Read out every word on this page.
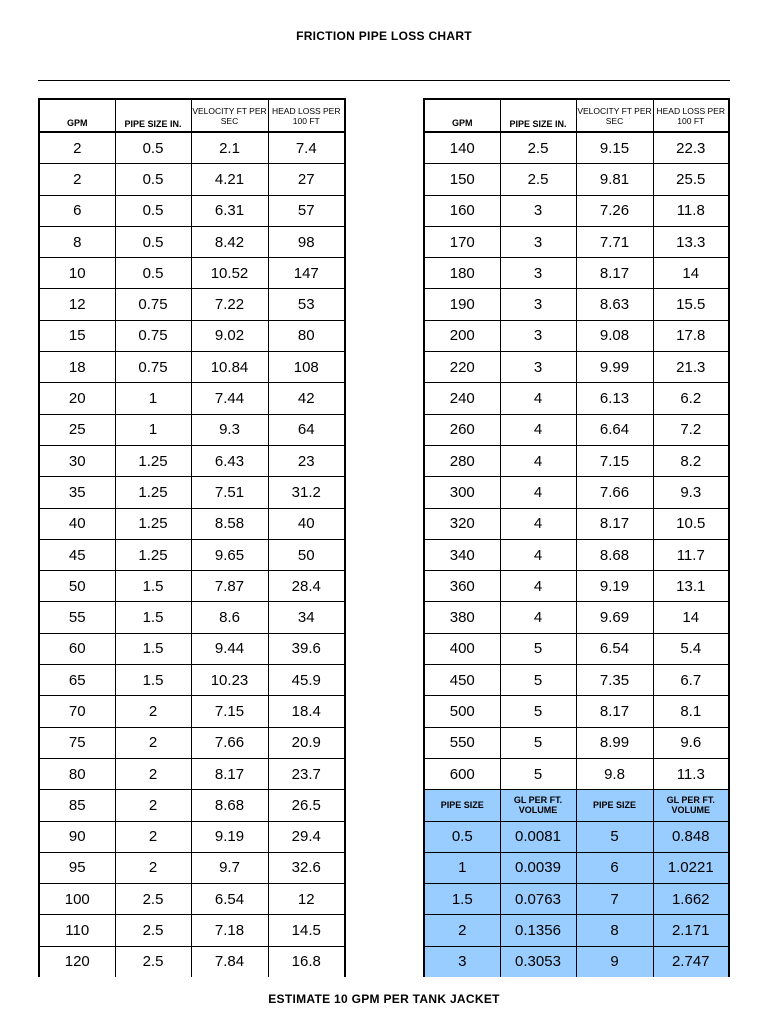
FRICTION PIPE LOSS CHART
GPM	PIPE SIZE IN.	VELOCITY FT PER SEC	HEAD LOSS PER 100 FT
2	0.5	2.1	7.4
2	0.5	4.21	27
6	0.5	6.31	57
8	0.5	8.42	98
10	0.5	10.52	147
12	0.75	7.22	53
15	0.75	9.02	80
18	0.75	10.84	108
20	1	7.44	42
25	1	9.3	64
30	1.25	6.43	23
35	1.25	7.51	31.2
40	1.25	8.58	40
45	1.25	9.65	50
50	1.5	7.87	28.4
55	1.5	8.6	34
60	1.5	9.44	39.6
65	1.5	10.23	45.9
70	2	7.15	18.4
75	2	7.66	20.9
80	2	8.17	23.7
85	2	8.68	26.5
90	2	9.19	29.4
95	2	9.7	32.6
100	2.5	6.54	12
110	2.5	7.18	14.5
120	2.5	7.84	16.8
GPM	PIPE SIZE IN.	VELOCITY FT PER SEC	HEAD LOSS PER 100 FT
140	2.5	9.15	22.3
150	2.5	9.81	25.5
160	3	7.26	11.8
170	3	7.71	13.3
180	3	8.17	14
190	3	8.63	15.5
200	3	9.08	17.8
220	3	9.99	21.3
240	4	6.13	6.2
260	4	6.64	7.2
280	4	7.15	8.2
300	4	7.66	9.3
320	4	8.17	10.5
340	4	8.68	11.7
360	4	9.19	13.1
380	4	9.69	14
400	5	6.54	5.4
450	5	7.35	6.7
500	5	8.17	8.1
550	5	8.99	9.6
600	5	9.8	11.3
PIPE SIZE	GL PER FT. VOLUME	PIPE SIZE	GL PER FT. VOLUME
0.5	0.0081	5	0.848
1	0.0039	6	1.0221
1.5	0.0763	7	1.662
2	0.1356	8	2.171
3	0.3053	9	2.747
ESTIMATE 10 GPM PER TANK JACKET
